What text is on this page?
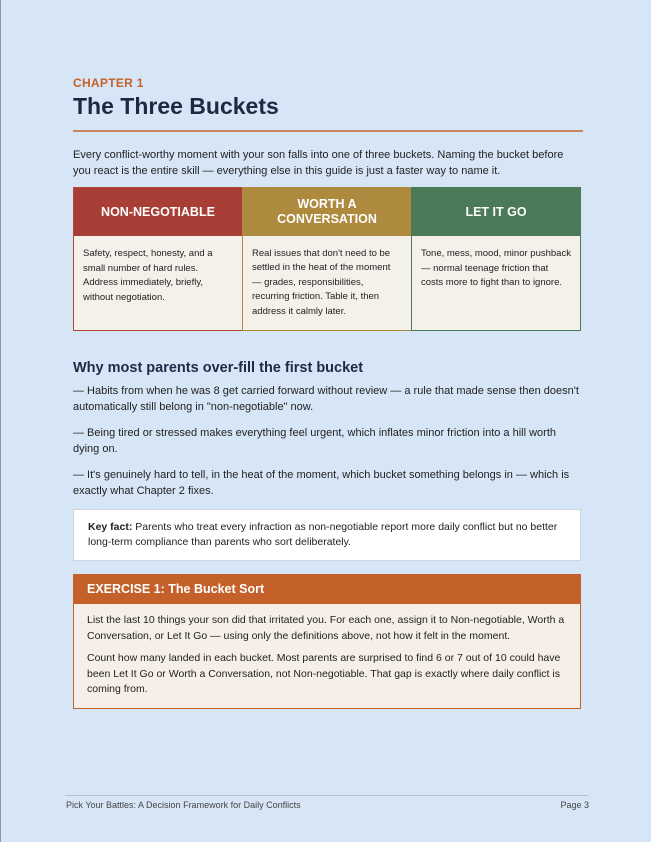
CHAPTER 1
The Three Buckets
Every conflict-worthy moment with your son falls into one of three buckets. Naming the bucket before you react is the entire skill — everything else in this guide is just a faster way to name it.
NON-NEGOTIABLE
Safety, respect, honesty, and a small number of hard rules. Address immediately, briefly, without negotiation.
WORTH A CONVERSATION
Real issues that don't need to be settled in the heat of the moment — grades, responsibilities, recurring friction. Table it, then address it calmly later.
LET IT GO
Tone, mess, mood, minor pushback — normal teenage friction that costs more to fight than to ignore.
Why most parents over-fill the first bucket
— Habits from when he was 8 get carried forward without review — a rule that made sense then doesn't automatically still belong in "non-negotiable" now.
— Being tired or stressed makes everything feel urgent, which inflates minor friction into a hill worth dying on.
— It's genuinely hard to tell, in the heat of the moment, which bucket something belongs in — which is exactly what Chapter 2 fixes.
Key fact: Parents who treat every infraction as non-negotiable report more daily conflict but no better long-term compliance than parents who sort deliberately.
EXERCISE 1: The Bucket Sort

List the last 10 things your son did that irritated you. For each one, assign it to Non-negotiable, Worth a Conversation, or Let It Go — using only the definitions above, not how it felt in the moment.

Count how many landed in each bucket. Most parents are surprised to find 6 or 7 out of 10 could have been Let It Go or Worth a Conversation, not Non-negotiable. That gap is exactly where daily conflict is coming from.

Pick Your Battles: A Decision Framework for Daily Conflicts	Page 3
